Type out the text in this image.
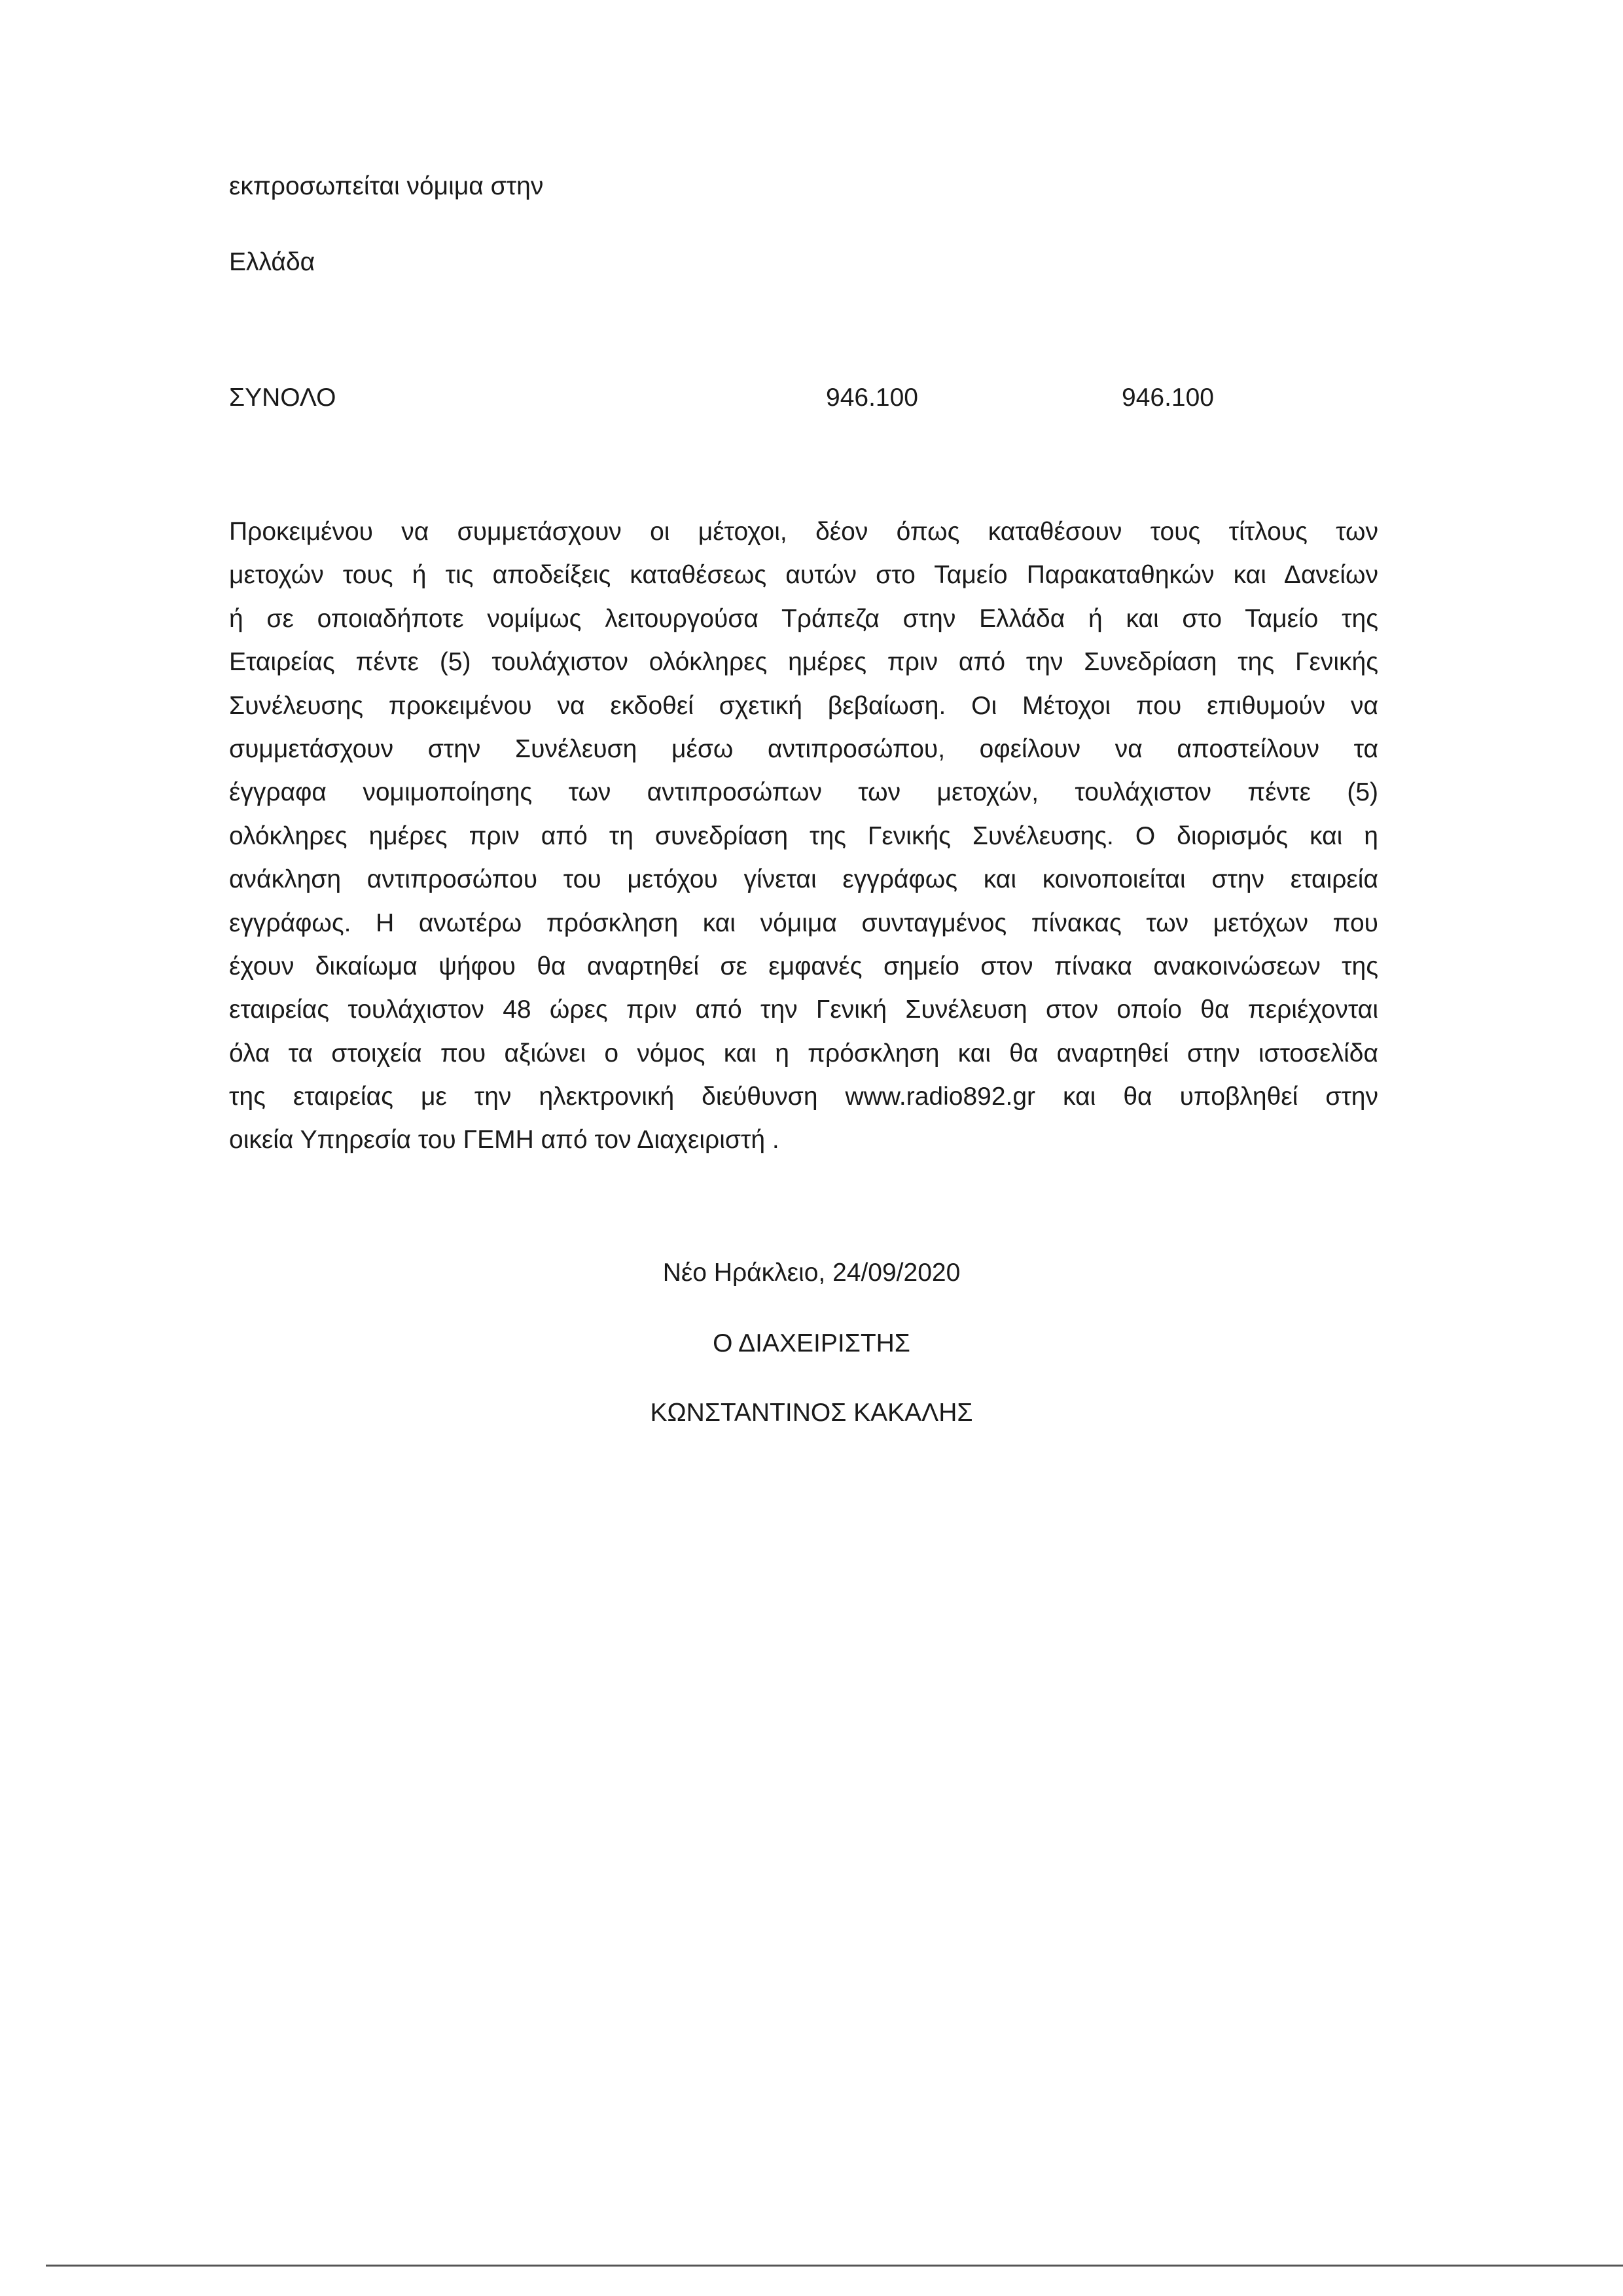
εκπροσωπείται νόμιμα στην
Ελλάδα
ΣΥΝΟΛΟ	946.100	946.100
Προκειμένου να συμμετάσχουν οι μέτοχοι, δέον όπως καταθέσουν τους τίτλους των
μετοχών τους ή τις αποδείξεις καταθέσεως αυτών στο Ταμείο Παρακαταθηκών και Δανείων
ή σε οποιαδήποτε νομίμως λειτουργούσα Τράπεζα στην Ελλάδα ή και στο Ταμείο της
Εταιρείας πέντε (5) τουλάχιστον ολόκληρες ημέρες πριν από την Συνεδρίαση της Γενικής
Συνέλευσης προκειμένου να εκδοθεί σχετική βεβαίωση. Οι Μέτοχοι που επιθυμούν να
συμμετάσχουν στην Συνέλευση μέσω αντιπροσώπου, οφείλουν να αποστείλουν τα
έγγραφα νομιμοποίησης των αντιπροσώπων των μετοχών, τουλάχιστον πέντε (5)
ολόκληρες ημέρες πριν από τη συνεδρίαση της Γενικής Συνέλευσης. Ο διορισμός και η
ανάκληση αντιπροσώπου του μετόχου γίνεται εγγράφως και κοινοποιείται στην εταιρεία
εγγράφως. Η ανωτέρω πρόσκληση και νόμιμα συνταγμένος πίνακας των μετόχων που
έχουν δικαίωμα ψήφου θα αναρτηθεί σε εμφανές σημείο στον πίνακα ανακοινώσεων της
εταιρείας τουλάχιστον 48 ώρες πριν από την Γενική Συνέλευση στον οποίο θα περιέχονται
όλα τα στοιχεία που αξιώνει ο νόμος και η πρόσκληση και θα αναρτηθεί στην ιστοσελίδα
της εταιρείας με την ηλεκτρονική διεύθυνση www.radio892.gr και θα υποβληθεί στην
οικεία Υπηρεσία του ΓΕΜΗ από τον Διαχειριστή .
Νέο Ηράκλειο, 24/09/2020
Ο ΔΙΑΧΕΙΡΙΣΤΗΣ
ΚΩΝΣΤΑΝΤΙΝΟΣ ΚΑΚΑΛΗΣ
